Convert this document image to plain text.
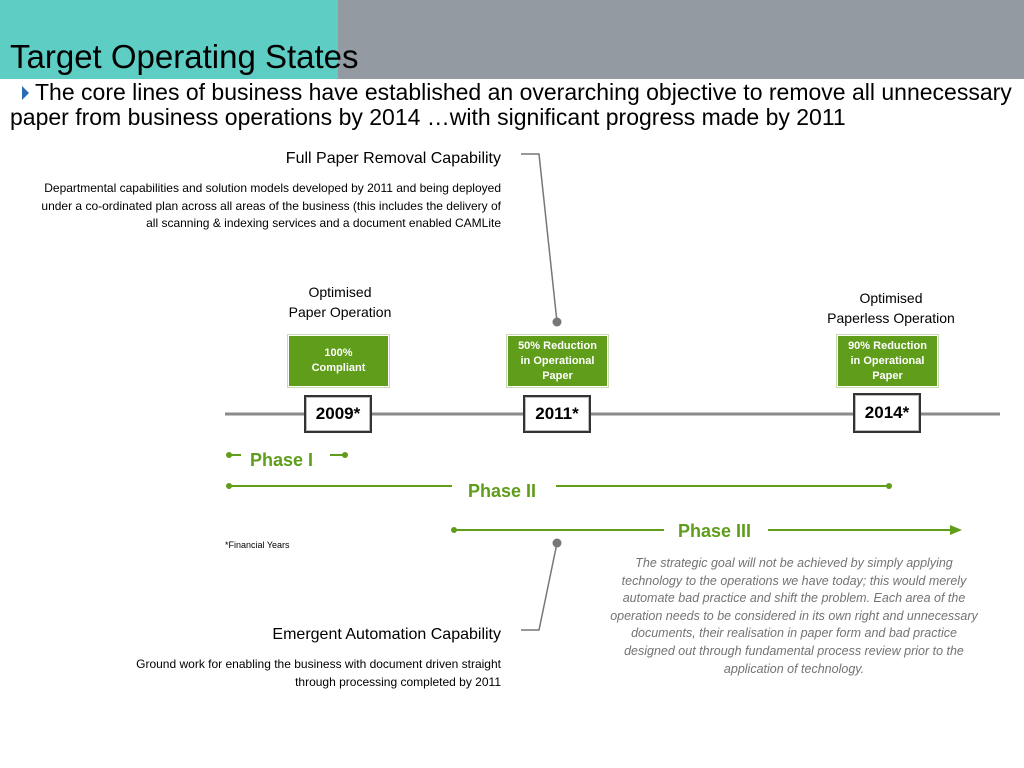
Target Operating States
The core lines of business have established an overarching objective to remove all unnecessary paper from business operations by 2014 …with significant progress made by 2011
Full Paper Removal Capability
Departmental capabilities and solution models developed by 2011 and being deployed under a co-ordinated plan across all areas of the business (this includes the delivery of all scanning & indexing services and a document enabled CAMLite
Optimised
Paper Operation
Optimised
Paperless Operation
100%
Compliant
50% Reduction
in Operational
Paper
90% Reduction
in Operational
Paper
2009*	2011*	2014*
Phase I
Phase II
Phase III
*Financial Years
The strategic goal will not be achieved by simply applying technology to the operations we have today; this would merely automate bad practice and shift the problem. Each area of the operation needs to be considered in its own right and unnecessary documents, their realisation in paper form and bad practice designed out through fundamental process review prior to the application of technology.
Emergent Automation Capability
Ground work for enabling the business with document driven straight through processing completed by 2011
